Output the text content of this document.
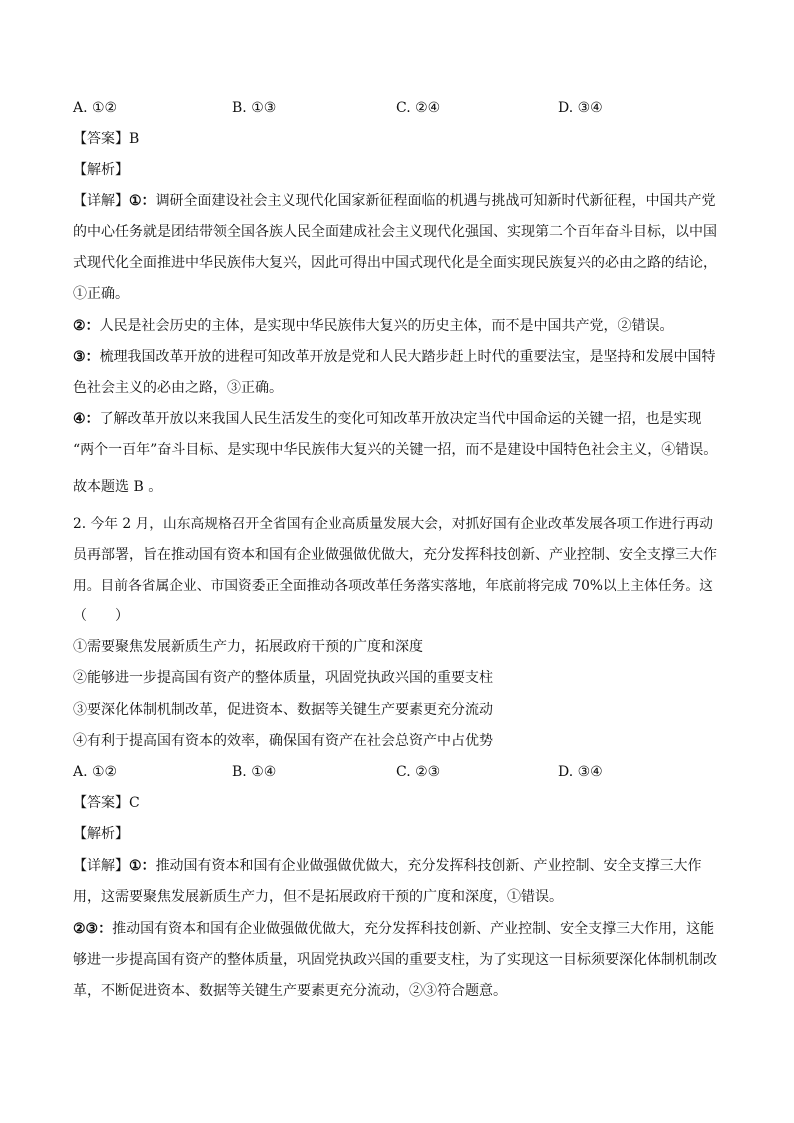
A. ①②	B. ①③	C. ②④	D. ③④
【答案】B
【解析】
【详解】①：调研全面建设社会主义现代化国家新征程面临的机遇与挑战可知新时代新征程，中国共产党
的中心任务就是团结带领全国各族人民全面建成社会主义现代化强国、实现第二个百年奋斗目标，以中国
式现代化全面推进中华民族伟大复兴，因此可得出中国式现代化是全面实现民族复兴的必由之路的结论，
①正确。
②：人民是社会历史的主体，是实现中华民族伟大复兴的历史主体，而不是中国共产党，②错误。
③：梳理我国改革开放的进程可知改革开放是党和人民大踏步赶上时代的重要法宝，是坚持和发展中国特
色社会主义的必由之路，③正确。
④：了解改革开放以来我国人民生活发生的变化可知改革开放决定当代中国命运的关键一招，也是实现
“两个一百年”奋斗目标、是实现中华民族伟大复兴的关键一招，而不是建设中国特色社会主义，④错误。
故本题选 B 。
2. 今年 2 月，山东高规格召开全省国有企业高质量发展大会，对抓好国有企业改革发展各项工作进行再动
员再部署，旨在推动国有资本和国有企业做强做优做大，充分发挥科技创新、产业控制、安全支撑三大作
用。目前各省属企业、市国资委正全面推动各项改革任务落实落地，年底前将完成 70%以上主体任务。这
（　　）
①需要聚焦发展新质生产力，拓展政府干预的广度和深度
②能够进一步提高国有资产的整体质量，巩固党执政兴国的重要支柱
③要深化体制机制改革，促进资本、数据等关键生产要素更充分流动
④有利于提高国有资本的效率，确保国有资产在社会总资产中占优势
A. ①②	B. ①④	C. ②③	D. ③④
【答案】C
【解析】
【详解】①：推动国有资本和国有企业做强做优做大，充分发挥科技创新、产业控制、安全支撑三大作
用，这需要聚焦发展新质生产力，但不是拓展政府干预的广度和深度，①错误。
②③：推动国有资本和国有企业做强做优做大，充分发挥科技创新、产业控制、安全支撑三大作用，这能
够进一步提高国有资产的整体质量，巩固党执政兴国的重要支柱，为了实现这一目标须要深化体制机制改
革，不断促进资本、数据等关键生产要素更充分流动，②③符合题意。
